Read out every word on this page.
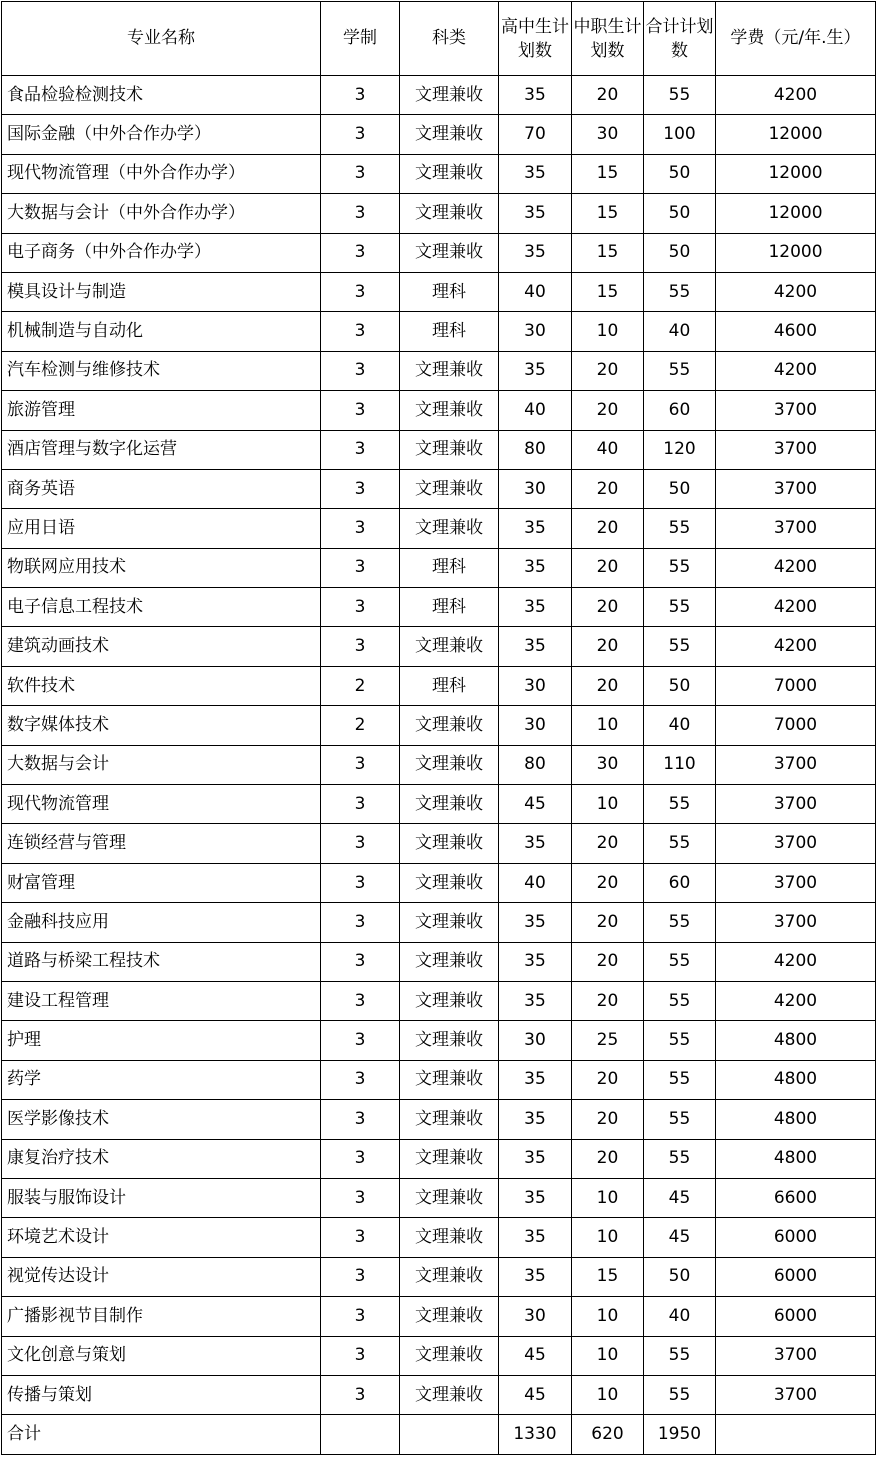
专业名称	学制	科类	高中生计划数	中职生计划数	合计计划数	学费（元/年.生）
食品检验检测技术	3	文理兼收	35	20	55	4200
国际金融（中外合作办学）	3	文理兼收	70	30	100	12000
现代物流管理（中外合作办学）	3	文理兼收	35	15	50	12000
大数据与会计（中外合作办学）	3	文理兼收	35	15	50	12000
电子商务（中外合作办学）	3	文理兼收	35	15	50	12000
模具设计与制造	3	理科	40	15	55	4200
机械制造与自动化	3	理科	30	10	40	4600
汽车检测与维修技术	3	文理兼收	35	20	55	4200
旅游管理	3	文理兼收	40	20	60	3700
酒店管理与数字化运营	3	文理兼收	80	40	120	3700
商务英语	3	文理兼收	30	20	50	3700
应用日语	3	文理兼收	35	20	55	3700
物联网应用技术	3	理科	35	20	55	4200
电子信息工程技术	3	理科	35	20	55	4200
建筑动画技术	3	文理兼收	35	20	55	4200
软件技术	2	理科	30	20	50	7000
数字媒体技术	2	文理兼收	30	10	40	7000
大数据与会计	3	文理兼收	80	30	110	3700
现代物流管理	3	文理兼收	45	10	55	3700
连锁经营与管理	3	文理兼收	35	20	55	3700
财富管理	3	文理兼收	40	20	60	3700
金融科技应用	3	文理兼收	35	20	55	3700
道路与桥梁工程技术	3	文理兼收	35	20	55	4200
建设工程管理	3	文理兼收	35	20	55	4200
护理	3	文理兼收	30	25	55	4800
药学	3	文理兼收	35	20	55	4800
医学影像技术	3	文理兼收	35	20	55	4800
康复治疗技术	3	文理兼收	35	20	55	4800
服装与服饰设计	3	文理兼收	35	10	45	6600
环境艺术设计	3	文理兼收	35	10	45	6000
视觉传达设计	3	文理兼收	35	15	50	6000
广播影视节目制作	3	文理兼收	30	10	40	6000
文化创意与策划	3	文理兼收	45	10	55	3700
传播与策划	3	文理兼收	45	10	55	3700
合计			1330	620	1950	
